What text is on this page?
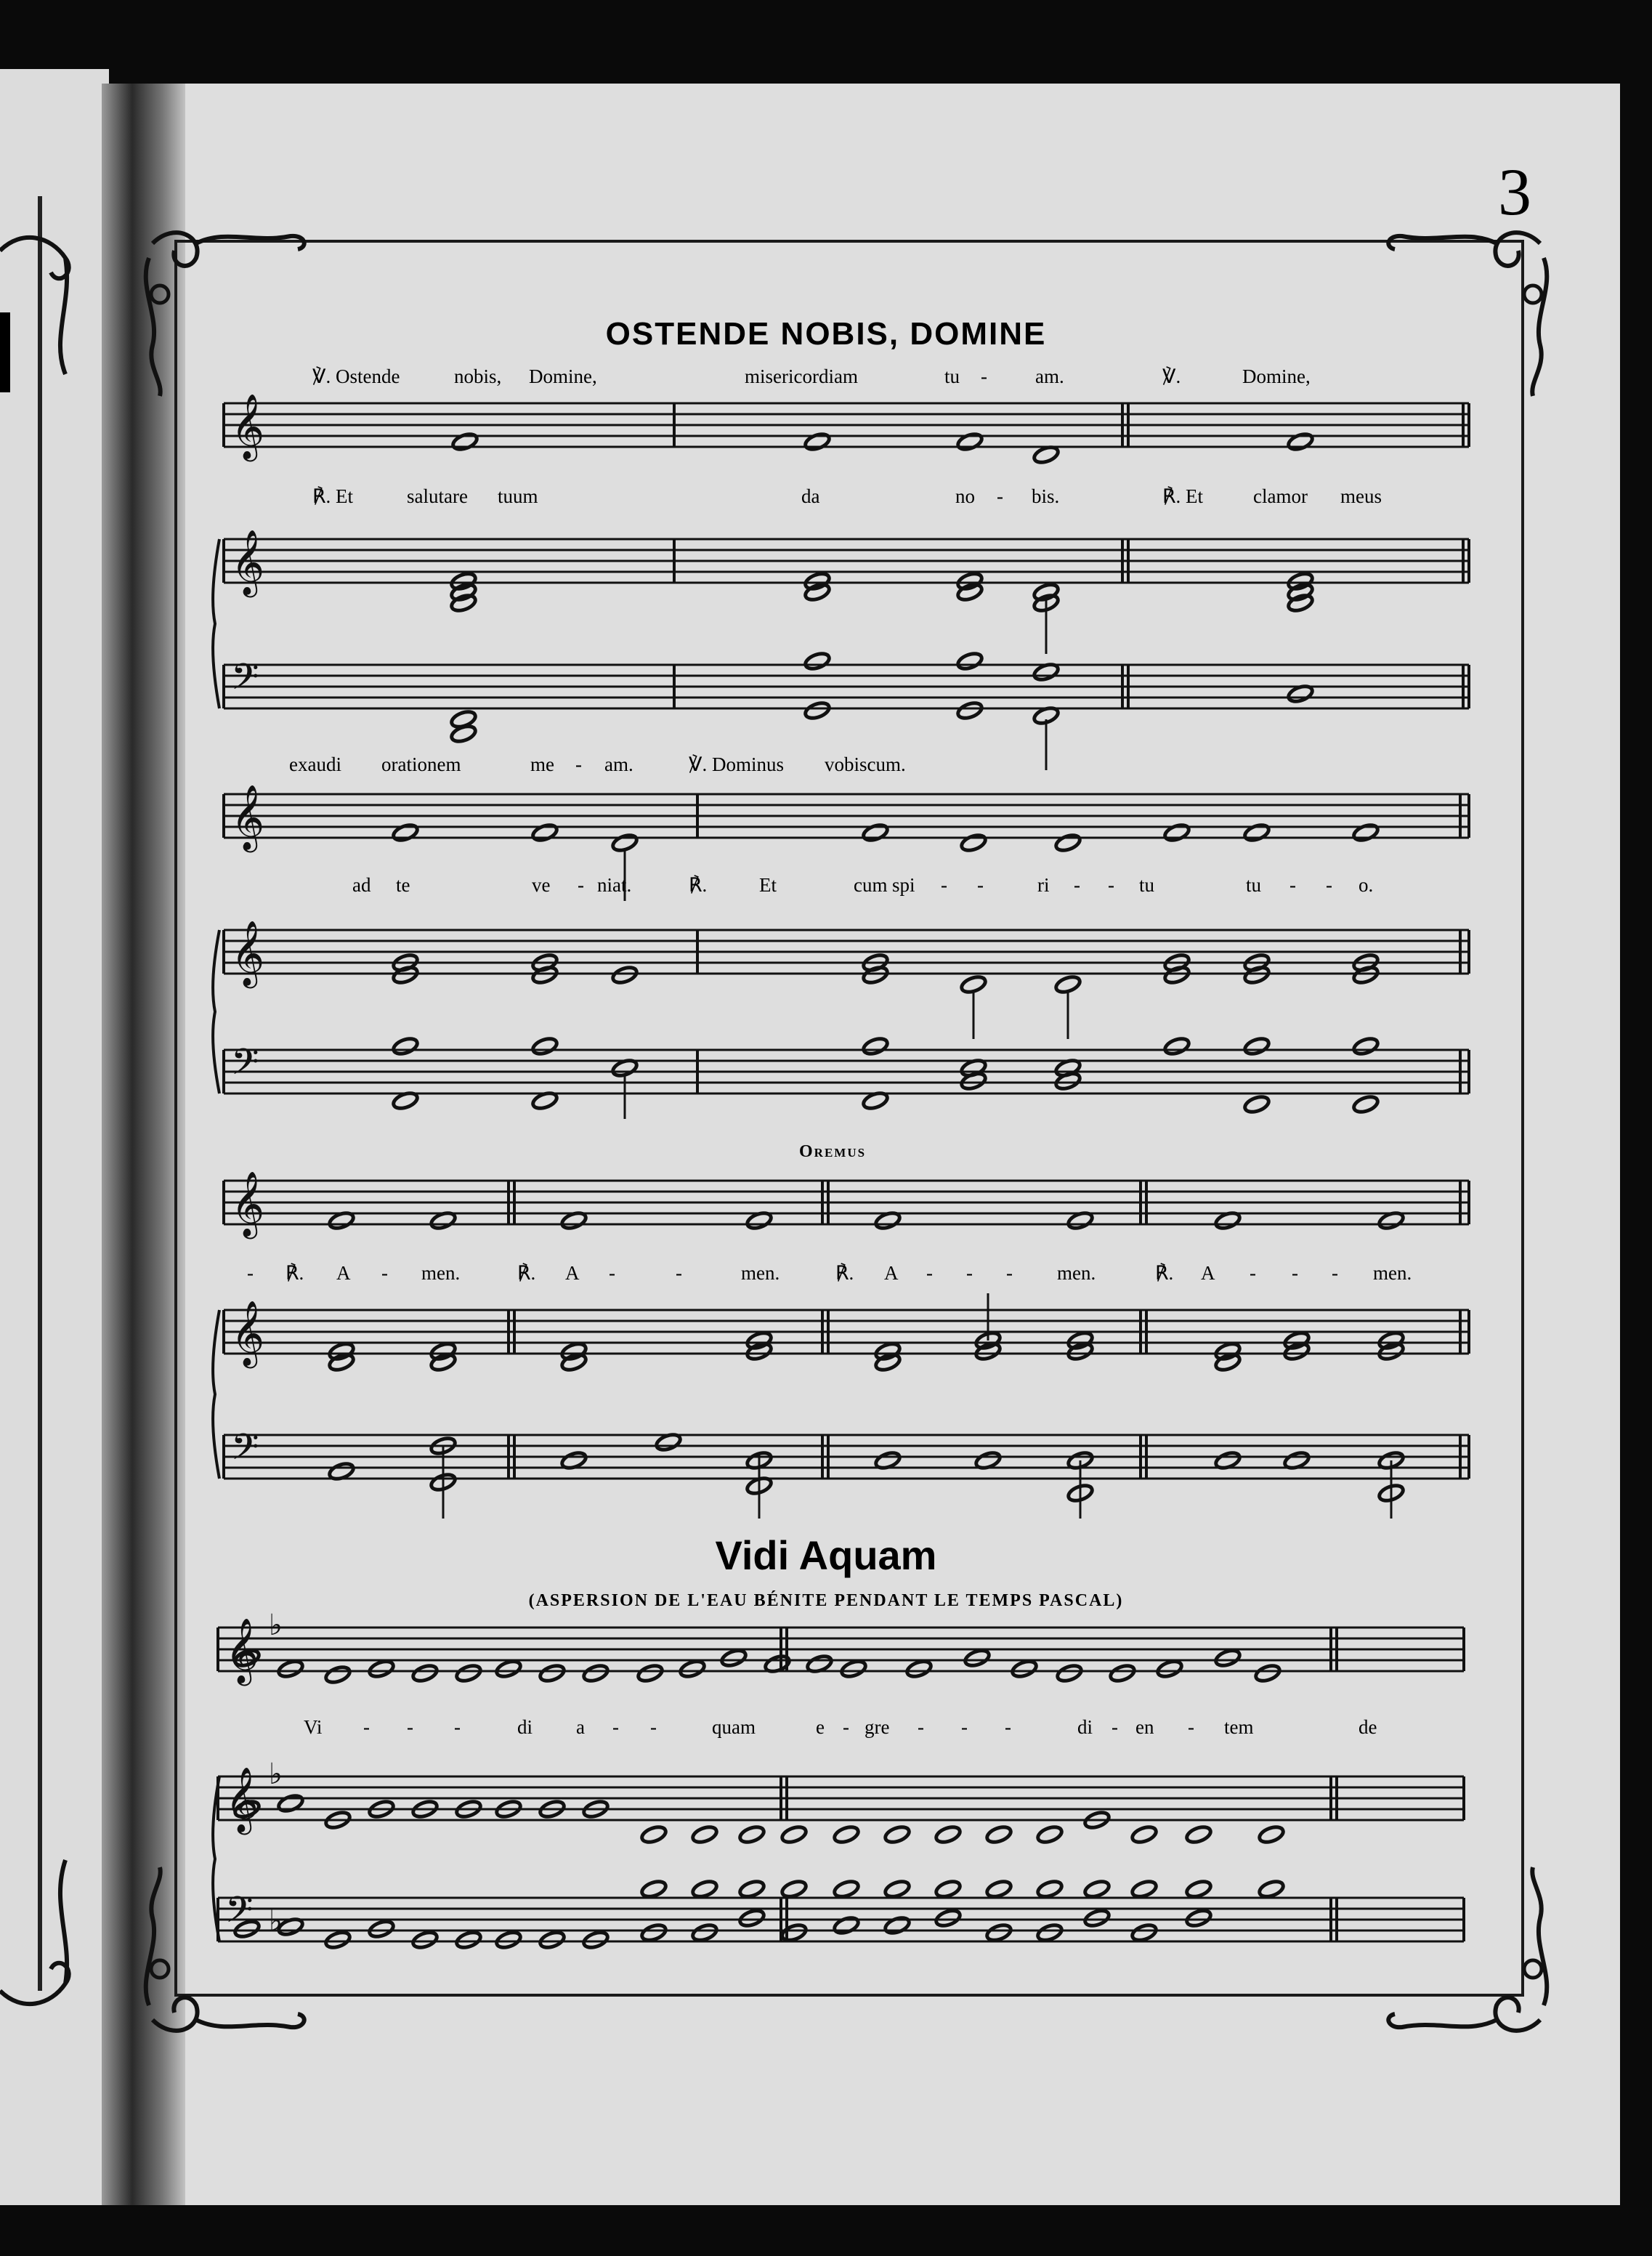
3
OSTENDE NOBIS, DOMINE
Vidi Aquam
(ASPERSION DE L'EAU BÉNITE PENDANT LE TEMPS PASCAL)
Oremus
℣. Ostende	nobis, Domine,	misericordiam	tu - am.	℣.	Domine,
℟. Et	salutare tuum	da	no - bis.	℟. Et	clamor meus
exaudi orationem	me - am.	℣. Dominus vobiscum.
ad te	ve - niat.	℟.	Et	cum spi - -	ri - - tu	tu - - o.
- ℟. A - men.	℟. A -	-	men.	℟. A - - - men.	℟. A - - - men.
Vi - - -	di a - -	quam	e - gre - - -	di - en - tem	de
𝄞
𝄞
𝄢
𝄞
𝄞
𝄢
𝄞
𝄞
𝄢
𝄞
𝄞
𝄢
♭
♭
♭
